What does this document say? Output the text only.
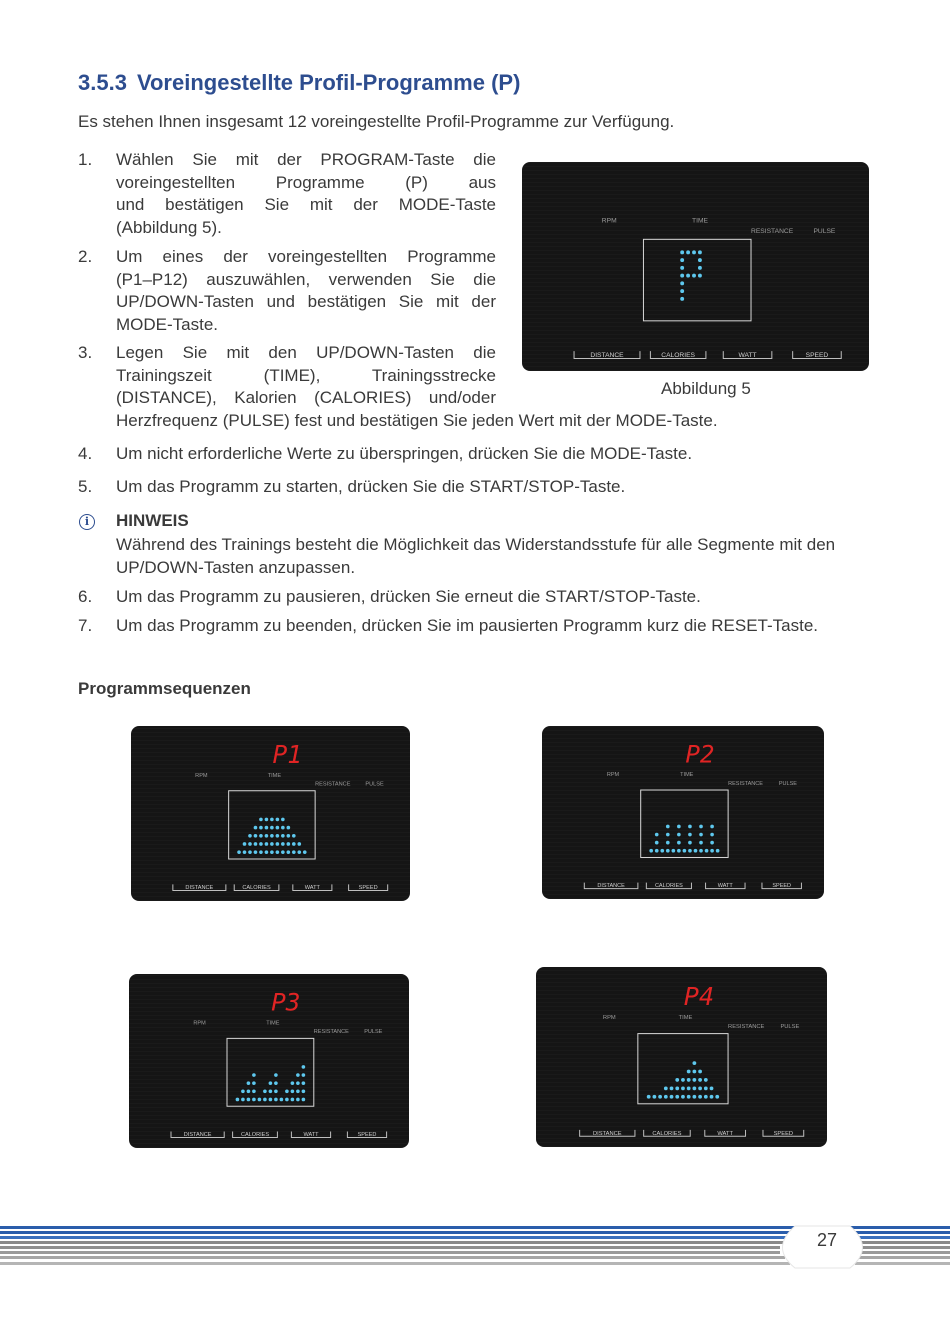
3.5.3 Voreingestellte Profil-Programme (P)
Es stehen Ihnen insgesamt 12 voreingestellte Profil-Programme zur Verfügung.
1. Wählen Sie mit der PROGRAM-Taste die
voreingestellten Programme (P) aus
und bestätigen Sie mit der MODE-Taste
(Abbildung 5).
2. Um eines der voreingestellten Programme
(P1–P12) auszuwählen, verwenden Sie die
UP/DOWN-Tasten und bestätigen Sie mit der
MODE-Taste.
3. Legen Sie mit den UP/DOWN-Tasten die
Trainingszeit (TIME), Trainingsstrecke
(DISTANCE), Kalorien (CALORIES) und/oder
Herzfrequenz (PULSE) fest und bestätigen Sie jeden Wert mit der MODE-Taste.
4. Um nicht erforderliche Werte zu überspringen, drücken Sie die MODE-Taste.
5. Um das Programm zu starten, drücken Sie die START/STOP-Taste.
i	HINWEIS
Während des Trainings besteht die Möglichkeit das Widerstandsstufe für alle Segmente mit den UP/DOWN-Tasten anzupassen.
6. Um das Programm zu pausieren, drücken Sie erneut die START/STOP-Taste.
7. Um das Programm zu beenden, drücken Sie im pausierten Programm kurz die RESET-Taste.
RPM	TIME
RESISTANCE	PULSE
DISTANCE	CALORIES	WATT	SPEED
Abbildung 5
Programmsequenzen
RPM	TIME
RESISTANCE	PULSE
P1
DISTANCE	CALORIES	WATT	SPEED
RPM	TIME
RESISTANCE	PULSE
P2
DISTANCE	CALORIES	WATT	SPEED
RPM	TIME
RESISTANCE	PULSE
P3
DISTANCE	CALORIES	WATT	SPEED
RPM	TIME
RESISTANCE	PULSE
P4
DISTANCE	CALORIES	WATT	SPEED
27
